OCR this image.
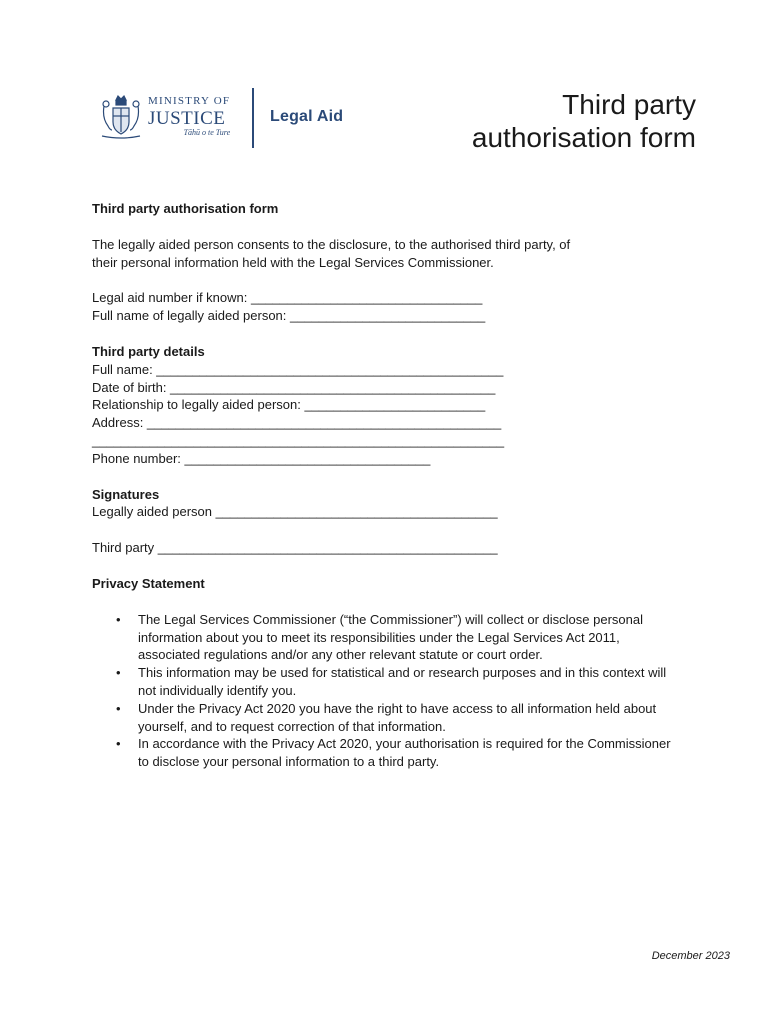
MINISTRY OF
JUSTICE
Tāhū o te Ture
Legal Aid	Third party
authorisation form

Third party authorisation form

The legally aided person consents to the disclosure, to the authorised third party, of

their personal information held with the Legal Services Commissioner.

Legal aid number if known: ________________________________

Full name of legally aided person: ___________________________

Third party details

Full name: ________________________________________________

Date of birth: _____________________________________________

Relationship to legally aided person: _________________________

Address: _________________________________________________

_________________________________________________________

Phone number: __________________________________

Signatures

Legally aided person _______________________________________

Third party _______________________________________________

Privacy Statement

• The Legal Services Commissioner (“the Commissioner”) will collect or disclose personal information about you to meet its responsibilities under the Legal Services Act 2011, associated regulations and/or any other relevant statute or court order.
• This information may be used for statistical and or research purposes and in this context will not individually identify you.
• Under the Privacy Act 2020 you have the right to have access to all information held about yourself, and to request correction of that information.
• In accordance with the Privacy Act 2020, your authorisation is required for the Commissioner to disclose your personal information to a third party.
December 2023
